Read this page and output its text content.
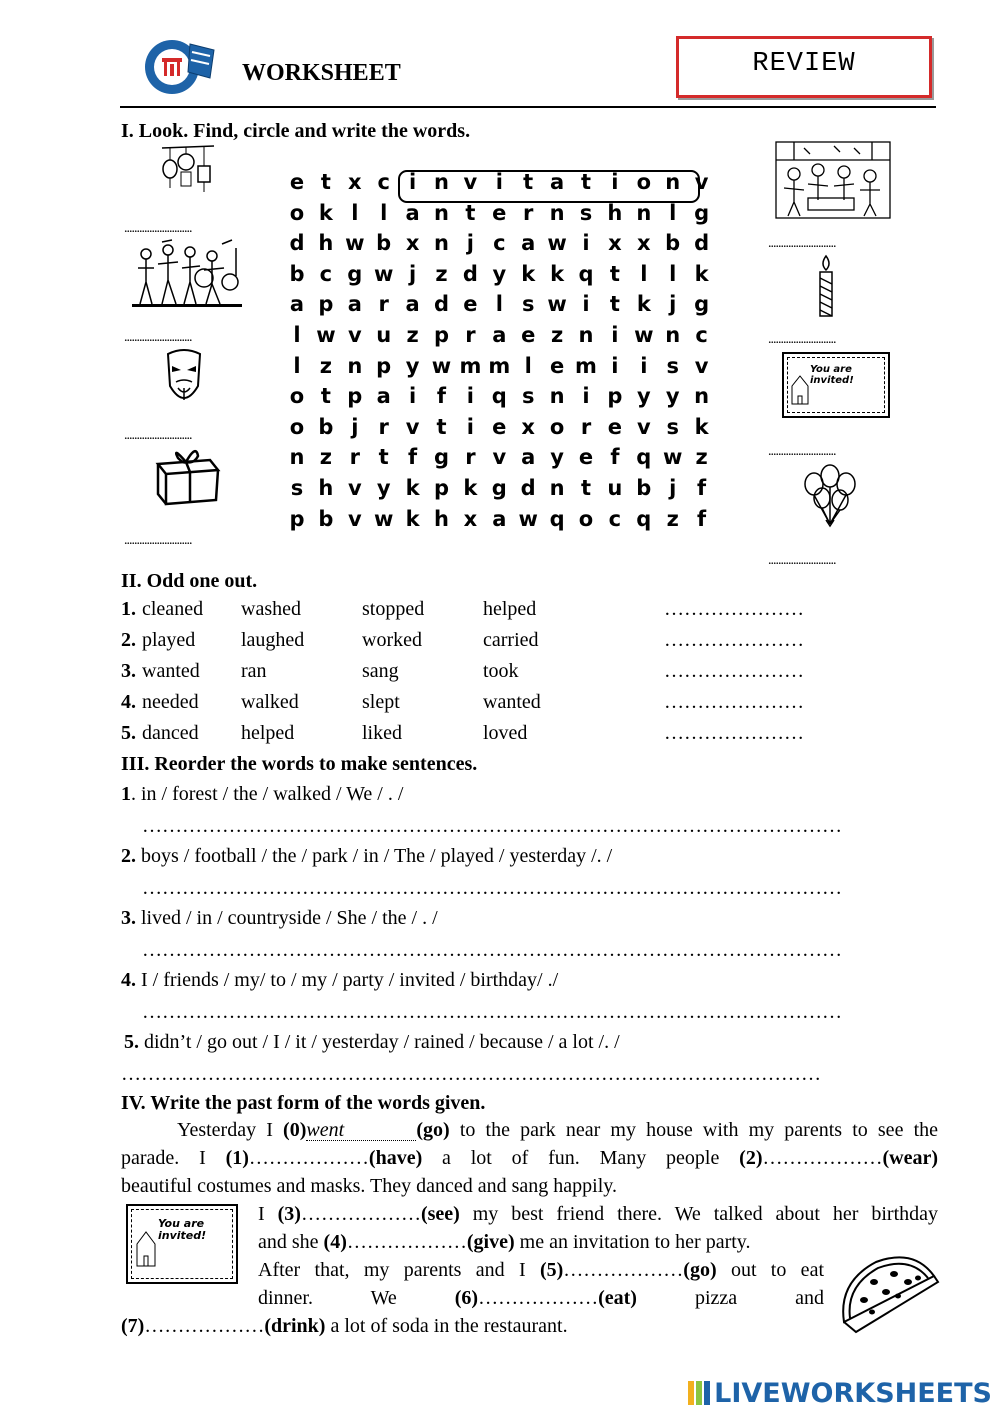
WORKSHEET	REVIEW
I. Look. Find, circle and write the words.
e t x c i n v i t a t i o n v
o k l	l a n t e r n s h n l g
d h w b x n j c a w i x x b d
b c g w j z d y k k q t l	l k
a p a r a d e l s w i t k j g
l w v u z p r a e z n i w n c
l z n p y w m m l e m i	i s v
o t p a i f i q s n i p y y n
o b j r v t i e x o r e v s k
n z r t f g r v a y e f q w z
s h v y k p k g d n t u b j f
p b v w k h x a w q o c q z f
...........................
...........................
...........................
...........................
...........................
...........................
You are invited!
...........................
...........................
II. Odd one out.
1. cleaned washed	stopped	helped	…………………
2. played laughed	worked	carried	…………………
3. wanted ran	sang	took	…………………
4. needed walked	slept	wanted	…………………
5. danced helped	liked	loved	…………………
III. Reorder the words to make sentences.
1. in / forest / the / walked / We / . /
……………………………………………………………………………………………
2. boys / football / the / park / in / The / played / yesterday /. /
……………………………………………………………………………………………
3. lived / in / countryside / She / the / . /
……………………………………………………………………………………………
4. I / friends / my/ to / my / party / invited / birthday/ ./
……………………………………………………………………………………………
5. didn’t / go out / I / it / yesterday / rained / because / a lot /. /
……………………………………………………………………………………………
IV. Write the past form of the words given.
Yesterday I (0)went	(go) to the park near my house with my parents to see the
parade. I (1)………………(have) a lot of fun. Many people (2)………………(wear)
beautiful costumes and masks. They danced and sang happily.
You are invited!
I (3)………………(see) my best friend there. We talked about her birthday
and she (4)………………(give) me an invitation to her party.
After that, my parents and I (5)………………(go) out to eat
dinner.	We	(6)………………(eat)	pizza	and
(7)………………(drink) a lot of soda in the restaurant.
LIVEWORKSHEETS
